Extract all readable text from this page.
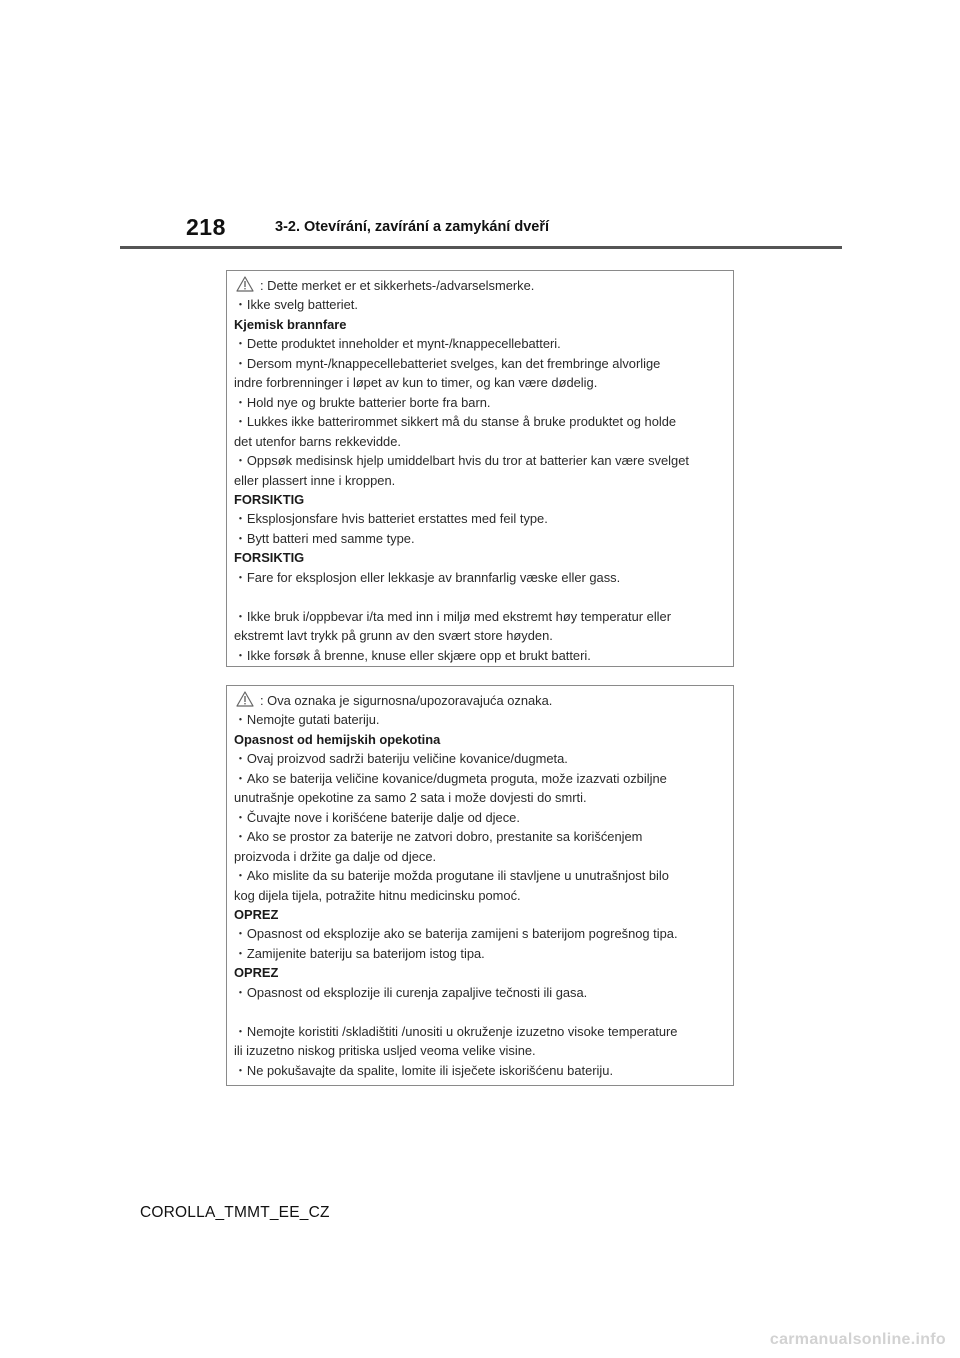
218	3-2. Otevírání, zavírání a zamykání dveří
: Dette merket er et sikkerhets-/advarselsmerke.
・Ikke svelg batteriet.
Kjemisk brannfare
・Dette produktet inneholder et mynt-/knappecellebatteri.
・Dersom mynt-/knappecellebatteriet svelges, kan det frembringe alvorlige
indre forbrenninger i løpet av kun to timer, og kan være dødelig.
・Hold nye og brukte batterier borte fra barn.
・Lukkes ikke batterirommet sikkert må du stanse å bruke produktet og holde
det utenfor barns rekkevidde.
・Oppsøk medisinsk hjelp umiddelbart hvis du tror at batterier kan være svelget
eller plassert inne i kroppen.
FORSIKTIG
・Eksplosjonsfare hvis batteriet erstattes med feil type.
・Bytt batteri med samme type.
FORSIKTIG
・Fare for eksplosjon eller lekkasje av brannfarlig væske eller gass.
・Ikke bruk i/oppbevar i/ta med inn i miljø med ekstremt høy temperatur eller
ekstremt lavt trykk på grunn av den svært store høyden.
・Ikke forsøk å brenne, knuse eller skjære opp et brukt batteri.
: Ova oznaka je sigurnosna/upozoravajuća oznaka.
・Nemojte gutati bateriju.
Opasnost od hemijskih opekotina
・Ovaj proizvod sadrži bateriju veličine kovanice/dugmeta.
・Ako se baterija veličine kovanice/dugmeta proguta, može izazvati ozbiljne
unutrašnje opekotine za samo 2 sata i može dovjesti do smrti.
・Čuvajte nove i korišćene baterije dalje od djece.
・Ako se prostor za baterije ne zatvori dobro, prestanite sa korišćenjem
proizvoda i držite ga dalje od djece.
・Ako mislite da su baterije možda progutane ili stavljene u unutrašnjost bilo
kog dijela tijela, potražite hitnu medicinsku pomoć.
OPREZ
・Opasnost od eksplozije ako se baterija zamijeni s baterijom pogrešnog tipa.
・Zamijenite bateriju sa baterijom istog tipa.
OPREZ
・Opasnost od eksplozije ili curenja zapaljive tečnosti ili gasa.
・Nemojte koristiti /skladištiti /unositi u okruženje izuzetno visoke temperature
ili izuzetno niskog pritiska usljed veoma velike visine.
・Ne pokušavajte da spalite, lomite ili isječete iskorišćenu bateriju.
COROLLA_TMMT_EE_CZ
carmanualsonline.info
